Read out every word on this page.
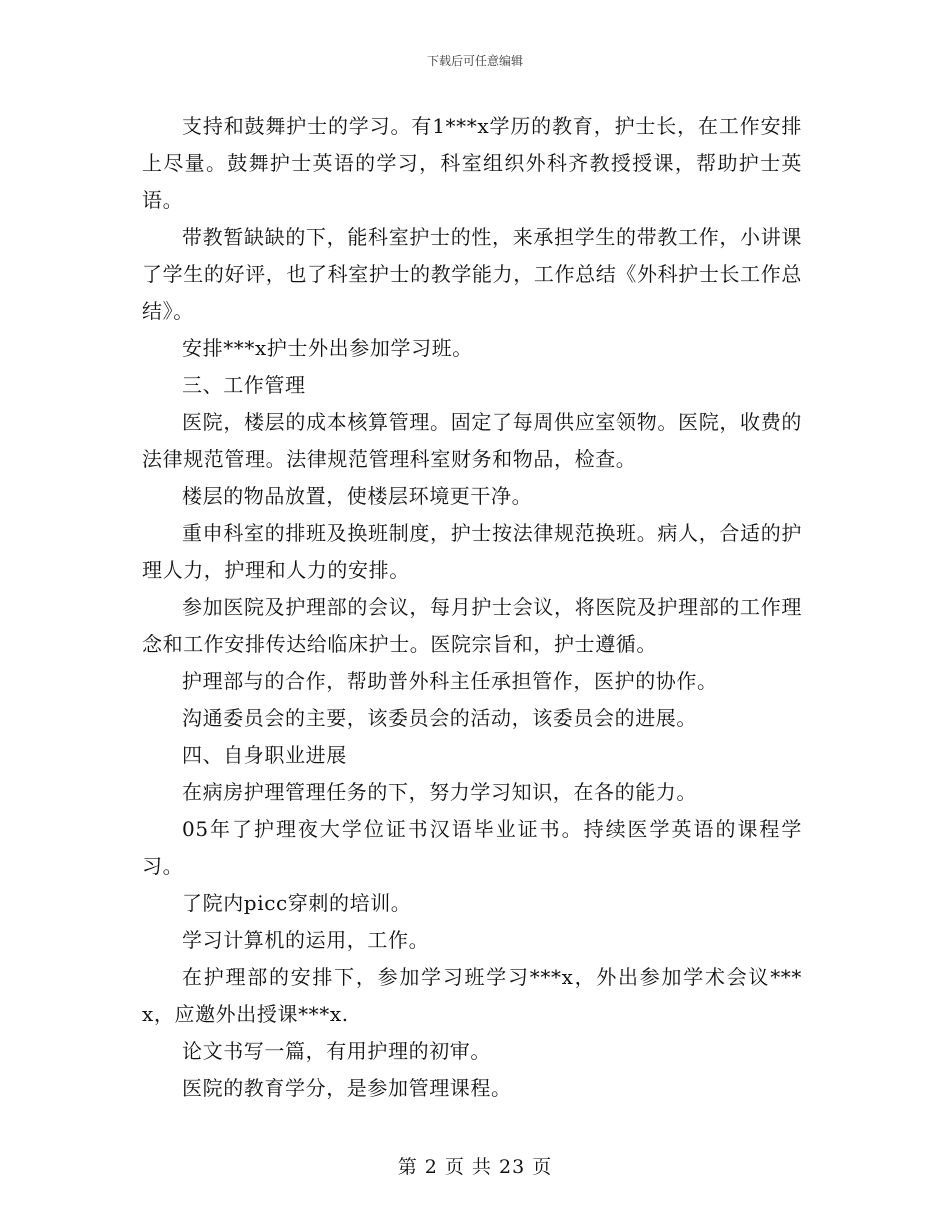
下载后可任意编辑

支持和鼓舞护士的学习。有1***x学历的教育，护士长，在工作安排上尽量。鼓舞护士英语的学习，科室组织外科齐教授授课，帮助护士英语。

带教暂缺缺的下，能科室护士的性，来承担学生的带教工作，小讲课了学生的好评，也了科室护士的教学能力，工作总结《外科护士长工作总结》。

安排***x护士外出参加学习班。

三、工作管理

医院，楼层的成本核算管理。固定了每周供应室领物。医院，收费的法律规范管理。法律规范管理科室财务和物品，检查。

楼层的物品放置，使楼层环境更干净。

重申科室的排班及换班制度，护士按法律规范换班。病人，合适的护理人力，护理和人力的安排。

参加医院及护理部的会议，每月护士会议，将医院及护理部的工作理念和工作安排传达给临床护士。医院宗旨和，护士遵循。

护理部与的合作，帮助普外科主任承担管作，医护的协作。

沟通委员会的主要，该委员会的活动，该委员会的进展。

四、自身职业进展

在病房护理管理任务的下，努力学习知识，在各的能力。

05年了护理夜大学位证书汉语毕业证书。持续医学英语的课程学习。

了院内picc穿刺的培训。

学习计算机的运用，工作。

在护理部的安排下，参加学习班学习***x，外出参加学术会议***x，应邀外出授课***x.

论文书写一篇，有用护理的初审。

医院的教育学分，是参加管理课程。

第 2 页 共 23 页
